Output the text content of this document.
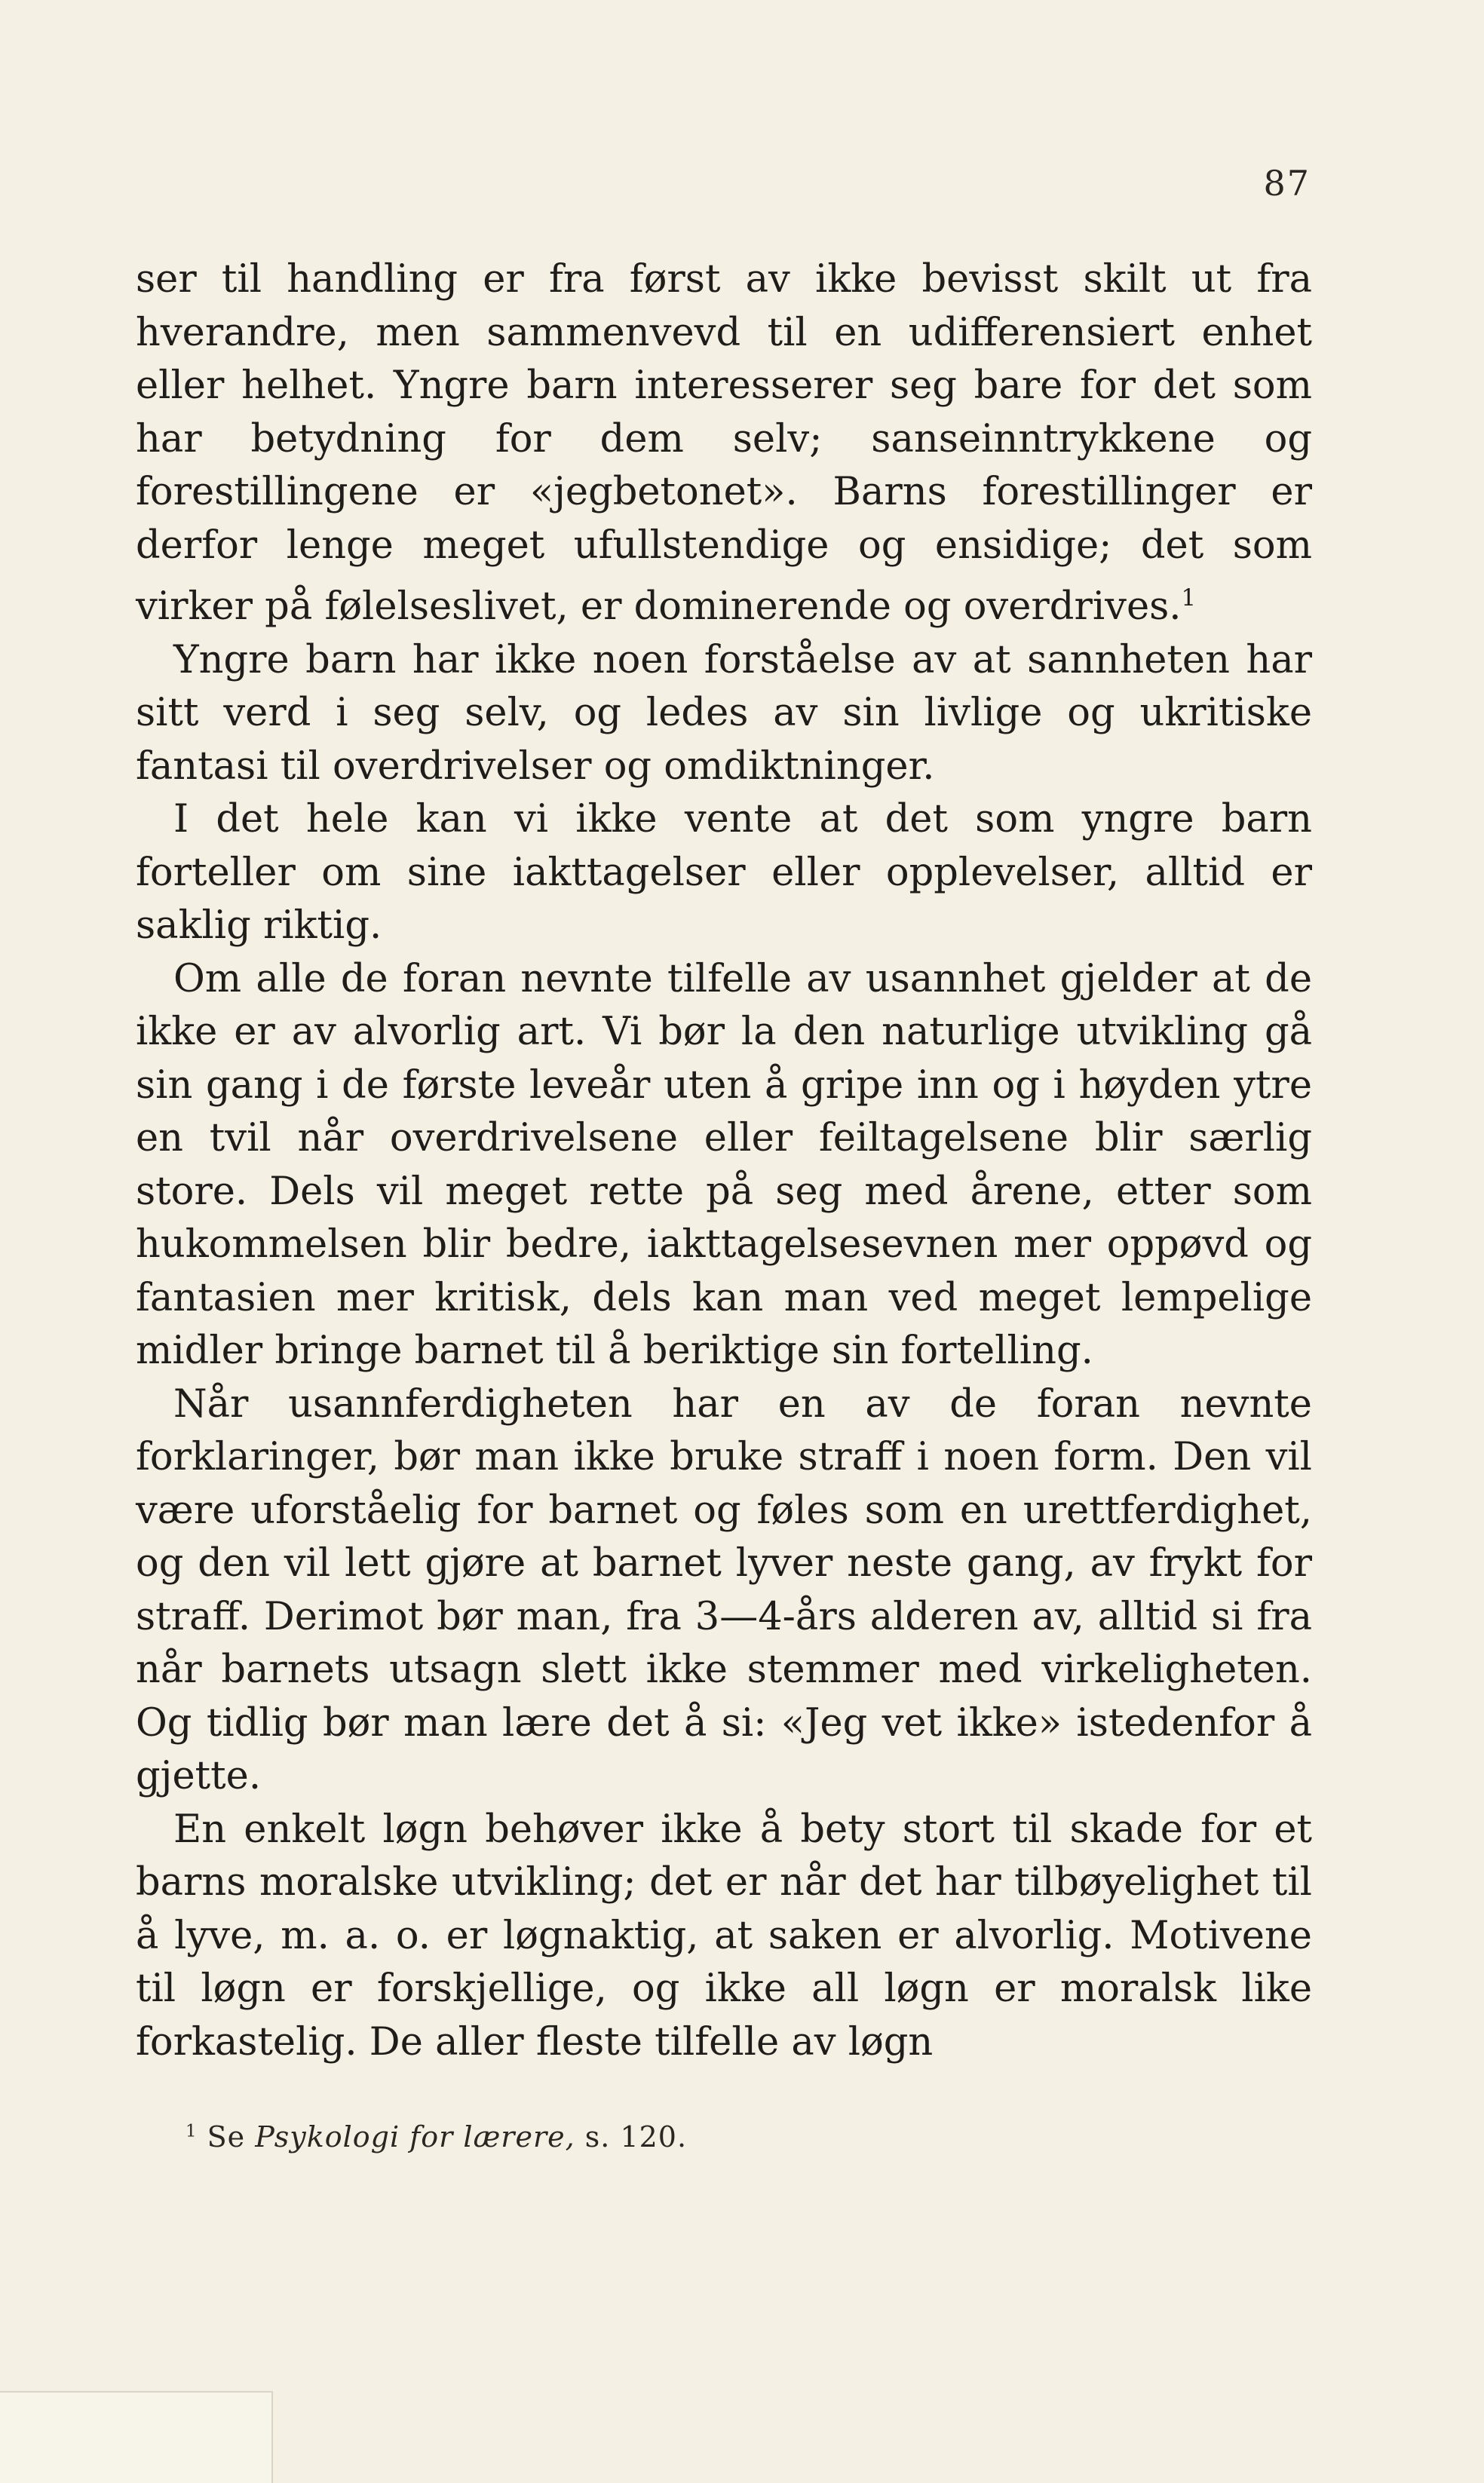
87

ser til handling er fra først av ikke bevisst skilt ut fra hverandre, men sammenvevd til en udifferensiert enhet eller helhet. Yngre barn interesserer seg bare for det som har betydning for dem selv; sanseinntrykkene og forestillingene er «jegbetonet». Barns forestillinger er derfor lenge meget ufullstendige og ensidige; det som virker på følelseslivet, er dominerende og overdrives.$^1$

Yngre barn har ikke noen forståelse av at sannheten har sitt verd i seg selv, og ledes av sin livlige og ukritiske fantasi til overdrivelser og omdiktninger.

I det hele kan vi ikke vente at det som yngre barn forteller om sine iakttagelser eller opplevelser, alltid er saklig riktig.

Om alle de foran nevnte tilfelle av usannhet gjelder at de ikke er av alvorlig art. Vi bør la den naturlige utvikling gå sin gang i de første leveår uten å gripe inn og i høyden ytre en tvil når overdrivelsene eller feiltagelsene blir særlig store. Dels vil meget rette på seg med årene, etter som hukommelsen blir bedre, iakttagelsesevnen mer oppøvd og fantasien mer kritisk, dels kan man ved meget lempelige midler bringe barnet til å beriktige sin fortelling.

Når usannferdigheten har en av de foran nevnte forklaringer, bør man ikke bruke straff i noen form. Den vil være uforståelig for barnet og føles som en urettferdighet, og den vil lett gjøre at barnet lyver neste gang, av frykt for straff. Derimot bør man, fra 3—4-års alderen av, alltid si fra når barnets utsagn slett ikke stemmer med virkeligheten. Og tidlig bør man lære det å si: «Jeg vet ikke» istedenfor å gjette.

En enkelt løgn behøver ikke å bety stort til skade for et barns moralske utvikling; det er når det har tilbøyelighet til å lyve, m. a. o. er løgnaktig, at saken er alvorlig. Motivene til løgn er forskjellige, og ikke all løgn er moralsk like forkastelig. De aller fleste tilfelle av løgn

$^1$ Se Psykologi for lærere, s. 120.
